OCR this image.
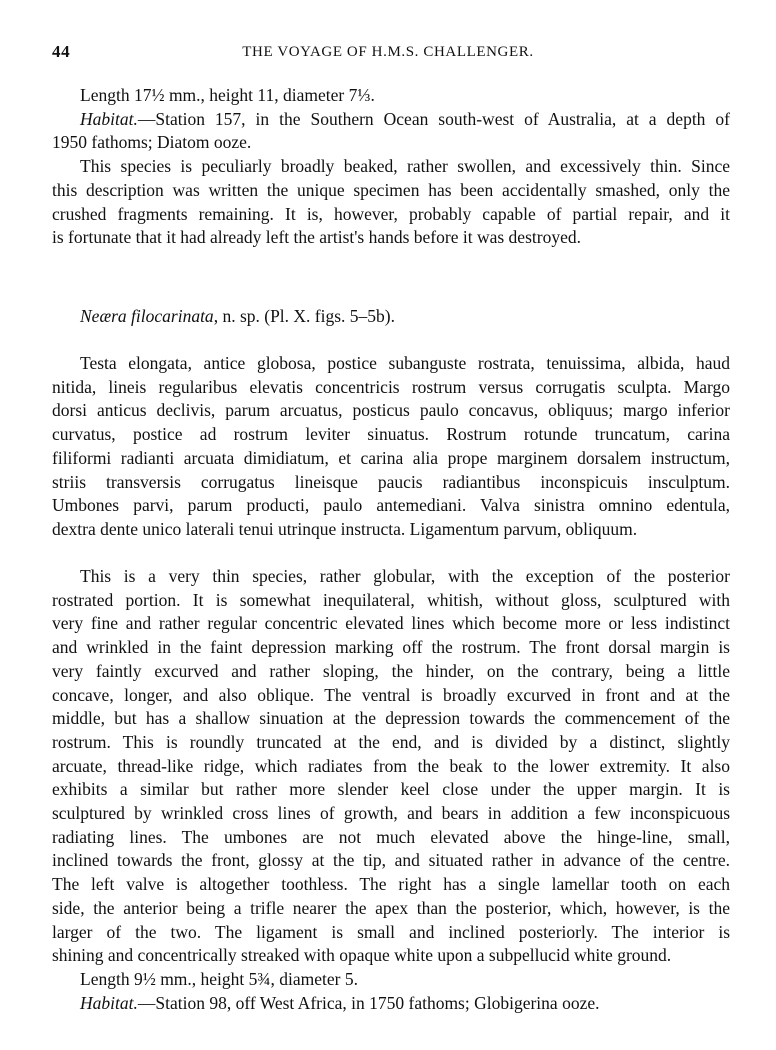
44	THE VOYAGE OF H.M.S. CHALLENGER.
Length 17½ mm., height 11, diameter 7⅓.
Habitat.—Station 157, in the Southern Ocean south-west of Australia, at a depth of
1950 fathoms; Diatom ooze.
This species is peculiarly broadly beaked, rather swollen, and excessively thin. Since
this description was written the unique specimen has been accidentally smashed, only the
crushed fragments remaining. It is, however, probably capable of partial repair, and it
is fortunate that it had already left the artist's hands before it was destroyed.
Neæra filocarinata, n. sp. (Pl. X. figs. 5–5b).
Testa elongata, antice globosa, postice subanguste rostrata, tenuissima, albida, haud
nitida, lineis regularibus elevatis concentricis rostrum versus corrugatis sculpta. Margo
dorsi anticus declivis, parum arcuatus, posticus paulo concavus, obliquus; margo inferior
curvatus, postice ad rostrum leviter sinuatus. Rostrum rotunde truncatum, carina
filiformi radianti arcuata dimidiatum, et carina alia prope marginem dorsalem instructum,
striis transversis corrugatus lineisque paucis radiantibus inconspicuis insculptum.
Umbones parvi, parum producti, paulo antemediani. Valva sinistra omnino edentula,
dextra dente unico laterali tenui utrinque instructa. Ligamentum parvum, obliquum.
This is a very thin species, rather globular, with the exception of the posterior
rostrated portion. It is somewhat inequilateral, whitish, without gloss, sculptured with
very fine and rather regular concentric elevated lines which become more or less indistinct
and wrinkled in the faint depression marking off the rostrum. The front dorsal margin is
very faintly excurved and rather sloping, the hinder, on the contrary, being a little
concave, longer, and also oblique. The ventral is broadly excurved in front and at the
middle, but has a shallow sinuation at the depression towards the commencement of the
rostrum. This is roundly truncated at the end, and is divided by a distinct, slightly
arcuate, thread-like ridge, which radiates from the beak to the lower extremity. It also
exhibits a similar but rather more slender keel close under the upper margin. It is
sculptured by wrinkled cross lines of growth, and bears in addition a few inconspicuous
radiating lines. The umbones are not much elevated above the hinge-line, small,
inclined towards the front, glossy at the tip, and situated rather in advance of the centre.
The left valve is altogether toothless. The right has a single lamellar tooth on each
side, the anterior being a trifle nearer the apex than the posterior, which, however, is the
larger of the two. The ligament is small and inclined posteriorly. The interior is
shining and concentrically streaked with opaque white upon a subpellucid white ground.
Length 9½ mm., height 5¾, diameter 5.
Habitat.—Station 98, off West Africa, in 1750 fathoms; Globigerina ooze.
